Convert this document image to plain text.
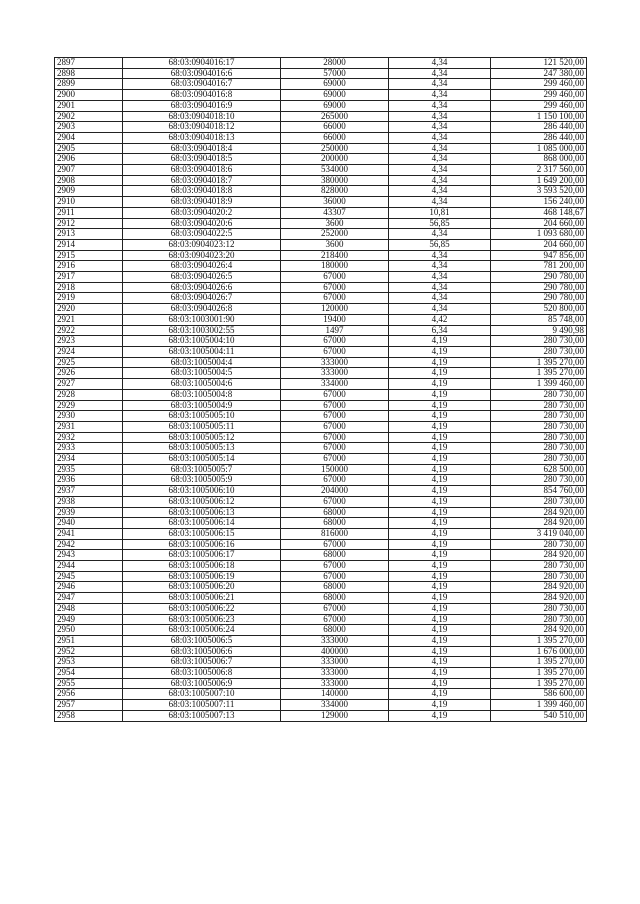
2897	68:03:0904016:17	28000	4,34	121 520,00
2898	68:03:0904016:6	57000	4,34	247 380,00
2899	68:03:0904016:7	69000	4,34	299 460,00
2900	68:03:0904016:8	69000	4,34	299 460,00
2901	68:03:0904016:9	69000	4,34	299 460,00
2902	68:03:0904018:10	265000	4,34	1 150 100,00
2903	68:03:0904018:12	66000	4,34	286 440,00
2904	68:03:0904018:13	66000	4,34	286 440,00
2905	68:03:0904018:4	250000	4,34	1 085 000,00
2906	68:03:0904018:5	200000	4,34	868 000,00
2907	68:03:0904018:6	534000	4,34	2 317 560,00
2908	68:03:0904018:7	380000	4,34	1 649 200,00
2909	68:03:0904018:8	828000	4,34	3 593 520,00
2910	68:03:0904018:9	36000	4,34	156 240,00
2911	68:03:0904020:2	43307	10,81	468 148,67
2912	68:03:0904020:6	3600	56,85	204 660,00
2913	68:03:0904022:5	252000	4,34	1 093 680,00
2914	68:03:0904023:12	3600	56,85	204 660,00
2915	68:03:0904023:20	218400	4,34	947 856,00
2916	68:03:0904026:4	180000	4,34	781 200,00
2917	68:03:0904026:5	67000	4,34	290 780,00
2918	68:03:0904026:6	67000	4,34	290 780,00
2919	68:03:0904026:7	67000	4,34	290 780,00
2920	68:03:0904026:8	120000	4,34	520 800,00
2921	68:03:1003001:90	19400	4,42	85 748,00
2922	68:03:1003002:55	1497	6,34	9 490,98
2923	68:03:1005004:10	67000	4,19	280 730,00
2924	68:03:1005004:11	67000	4,19	280 730,00
2925	68:03:1005004:4	333000	4,19	1 395 270,00
2926	68:03:1005004:5	333000	4,19	1 395 270,00
2927	68:03:1005004:6	334000	4,19	1 399 460,00
2928	68:03:1005004:8	67000	4,19	280 730,00
2929	68:03:1005004:9	67000	4,19	280 730,00
2930	68:03:1005005:10	67000	4,19	280 730,00
2931	68:03:1005005:11	67000	4,19	280 730,00
2932	68:03:1005005:12	67000	4,19	280 730,00
2933	68:03:1005005:13	67000	4,19	280 730,00
2934	68:03:1005005:14	67000	4,19	280 730,00
2935	68:03:1005005:7	150000	4,19	628 500,00
2936	68:03:1005005:9	67000	4,19	280 730,00
2937	68:03:1005006:10	204000	4,19	854 760,00
2938	68:03:1005006:12	67000	4,19	280 730,00
2939	68:03:1005006:13	68000	4,19	284 920,00
2940	68:03:1005006:14	68000	4,19	284 920,00
2941	68:03:1005006:15	816000	4,19	3 419 040,00
2942	68:03:1005006:16	67000	4,19	280 730,00
2943	68:03:1005006:17	68000	4,19	284 920,00
2944	68:03:1005006:18	67000	4,19	280 730,00
2945	68:03:1005006:19	67000	4,19	280 730,00
2946	68:03:1005006:20	68000	4,19	284 920,00
2947	68:03:1005006:21	68000	4,19	284 920,00
2948	68:03:1005006:22	67000	4,19	280 730,00
2949	68:03:1005006:23	67000	4,19	280 730,00
2950	68:03:1005006:24	68000	4,19	284 920,00
2951	68:03:1005006:5	333000	4,19	1 395 270,00
2952	68:03:1005006:6	400000	4,19	1 676 000,00
2953	68:03:1005006:7	333000	4,19	1 395 270,00
2954	68:03:1005006:8	333000	4,19	1 395 270,00
2955	68:03:1005006:9	333000	4,19	1 395 270,00
2956	68:03:1005007:10	140000	4,19	586 600,00
2957	68:03:1005007:11	334000	4,19	1 399 460,00
2958	68:03:1005007:13	129000	4,19	540 510,00
